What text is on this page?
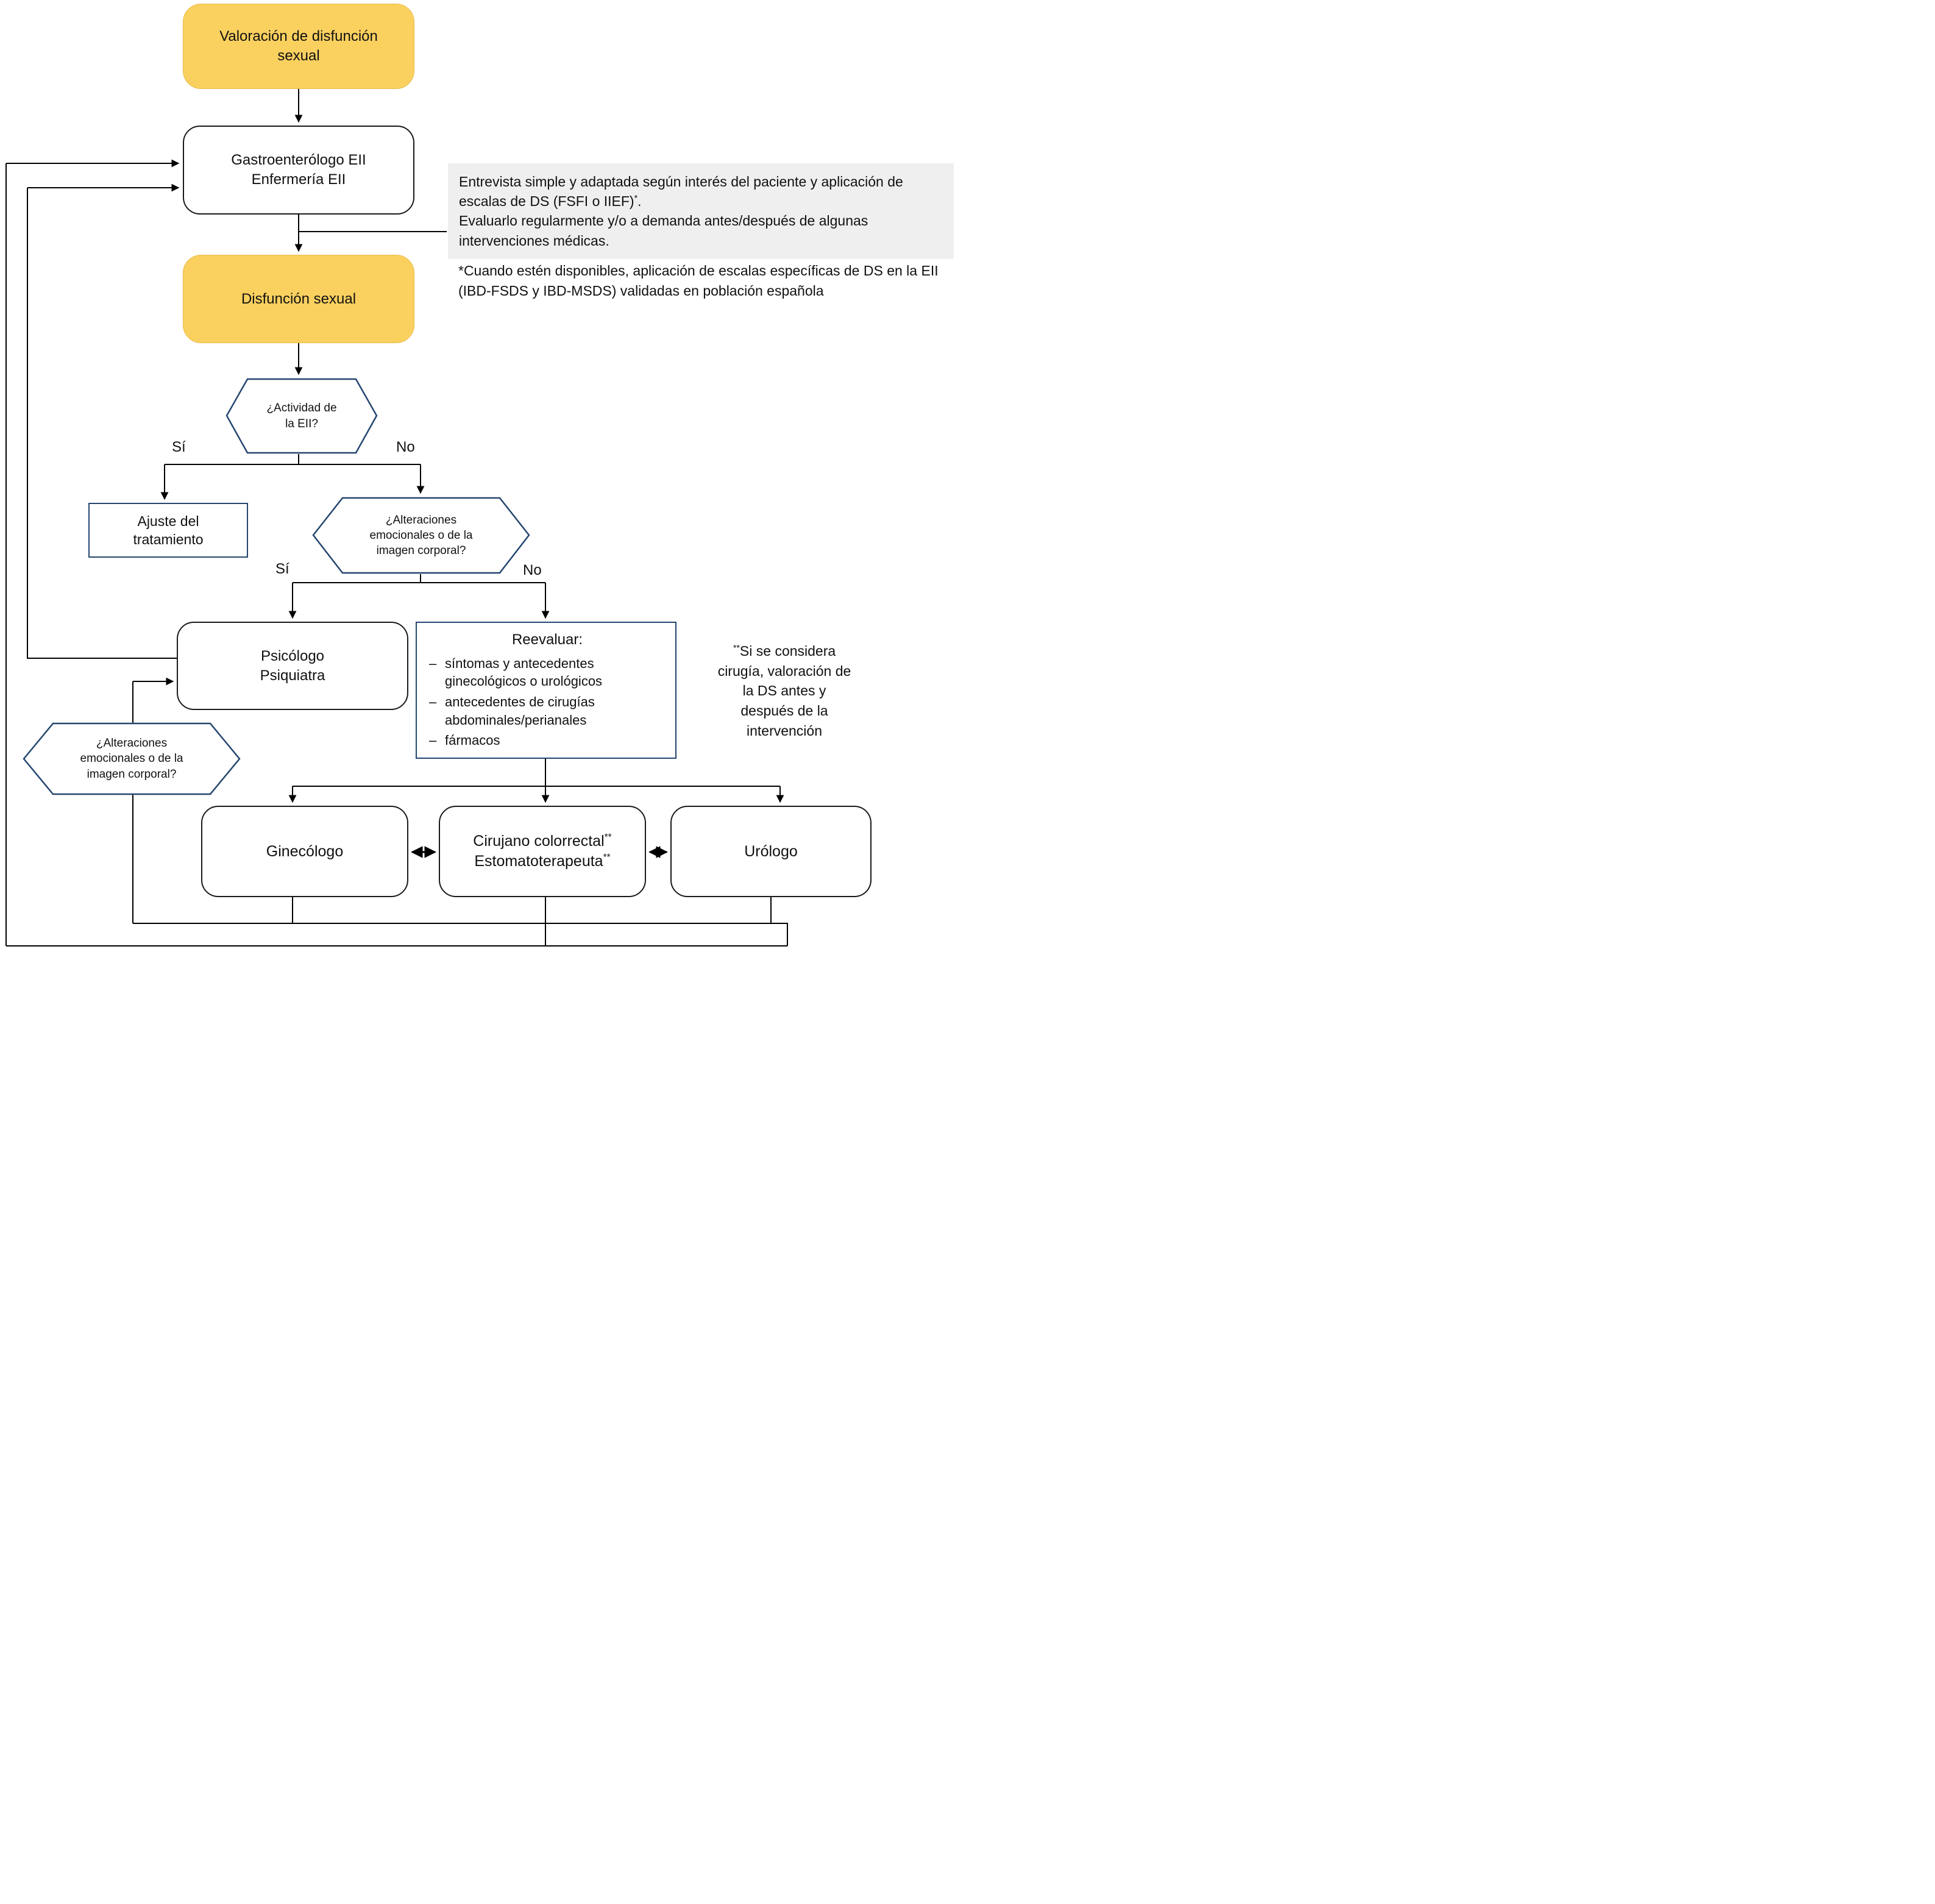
Valoración de disfunción sexual
Gastroenterólogo EII
Enfermería EII	Entrevista simple y adaptada según interés del paciente y aplicación de escalas de DS (FSFI o IIEF)*.
Evaluarlo regularmente y/o a demanda antes/después de algunas intervenciones médicas.
*Cuando estén disponibles, aplicación de escalas específicas de DS en la EII (IBD-FSDS y IBD-MSDS) validadas en población española
Disfunción sexual
¿Actividad de
la EII?
Sí	No
Sí	No
Ajuste del
tratamiento
¿Alteraciones
emocionales o de la
imagen corporal?
Psicólogo
Psiquiatra
Reevaluar:
– síntomas y antecedentes ginecológicos o urológicos
– antecedentes de cirugías abdominales/perianales
– fármacos
**Si se considera cirugía, valoración de la DS antes y después de la intervención
¿Alteraciones
emocionales o de la
imagen corporal?
Ginecólogo
Cirujano colorrectal**
Estomatoterapeuta**	Urólogo
